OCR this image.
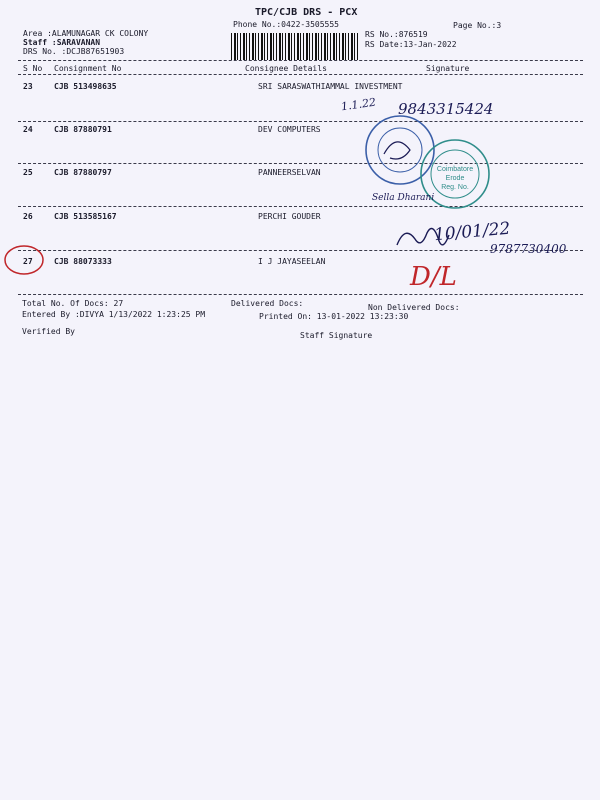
TPC/CJB DRS - PCX
Phone No.:0422-3505555	Page No.:3
Area :ALAMUNAGAR CK COLONY
Staff :SARAVANAN
DRS No. :DCJB87651903
RS No.:876519
RS Date:13-Jan-2022
S No Consignment No	Consignee Details	Signature
23	CJB 513498635	SRI SARASWATHIAMMAL INVESTMENT
24	CJB 87880791	DEV COMPUTERS
25	CJB 87880797	PANNEERSELVAN
26	CJB 513585167	PERCHI GOUDER
27	CJB 88073333	I J JAYASEELAN
Total No. Of Docs: 27	Delivered Docs:	Non Delivered Docs:
Entered By :DIVYA 1/13/2022 1:23:25 PM	Printed On: 13-01-2022 13:23:30
Verified By	Staff Signature
1.1.22 9843315424
Coimbatore
Erode
Reg. No.
Sella Dharani
10/01/22
9787730400
D/L
